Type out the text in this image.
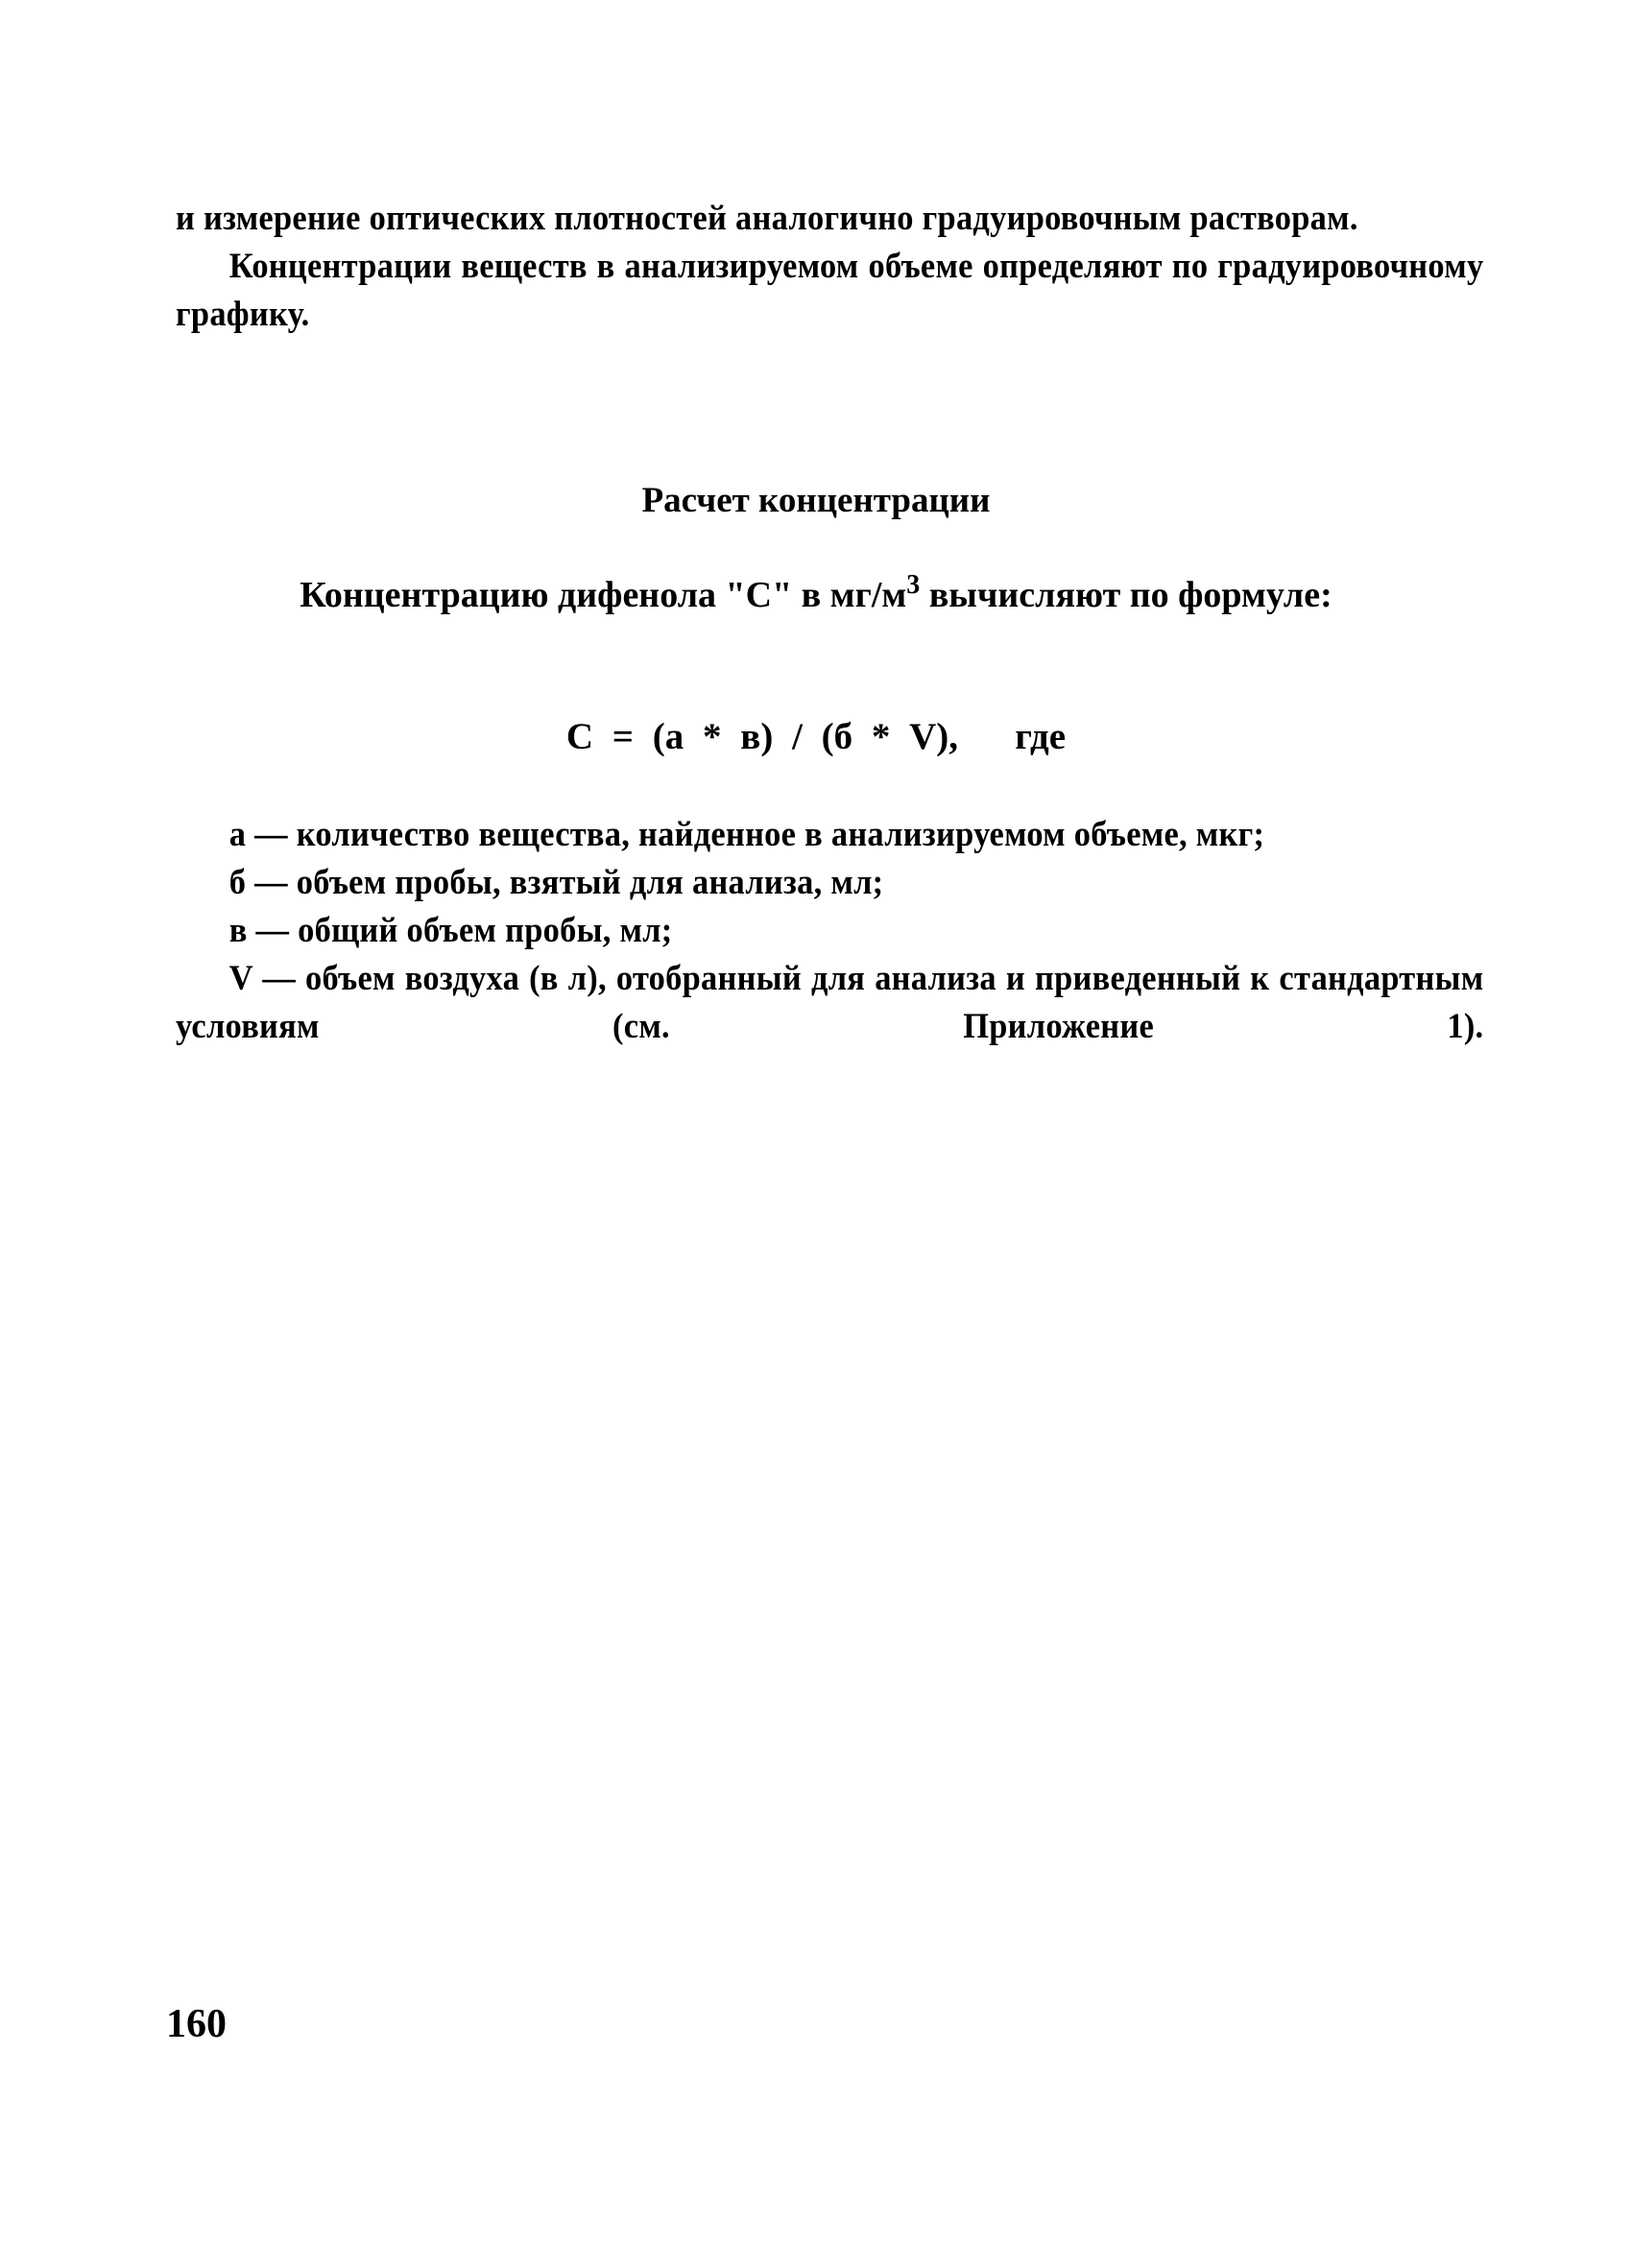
и измерение оптических плотностей аналогично градуировочным растворам.

Концентрации веществ в анализируемом объеме определяют по градуировочному графику.

Расчет концентрации
Концентрацию дифенола "С" в $мг/м^3$ вычисляют по формуле:
С = (а * в) / (б * V),   где

а — количество вещества, найденное в анализируемом объеме, мкг;

б — объем пробы, взятый для анализа, мл;

в — общий объем пробы, мл;

V — объем воздуха (в л), отобранный для анализа и приведенный к стандартным условиям (см. Приложение 1).

160
